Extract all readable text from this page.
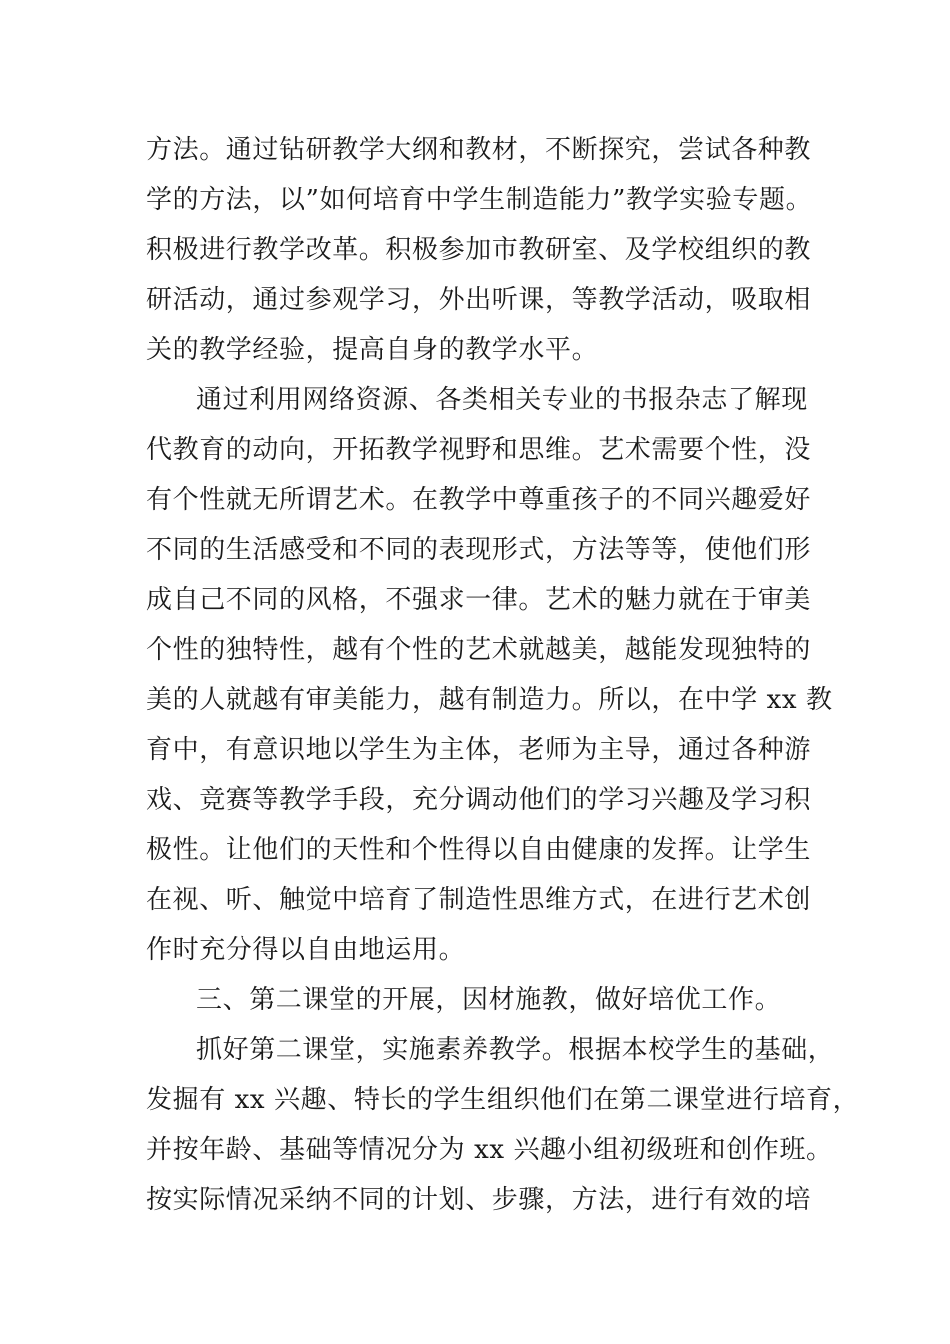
方法。通过钻研教学大纲和教材，不断探究，尝试各种教
学的方法，以”如何培育中学生制造能力”教学实验专题。
积极进行教学改革。积极参加市教研室、及学校组织的教
研活动，通过参观学习，外出听课，等教学活动，吸取相
关的教学经验，提高自身的教学水平。
通过利用网络资源、各类相关专业的书报杂志了解现
代教育的动向，开拓教学视野和思维。艺术需要个性，没
有个性就无所谓艺术。在教学中尊重孩子的不同兴趣爱好
不同的生活感受和不同的表现形式，方法等等，使他们形
成自己不同的风格，不强求一律。艺术的魅力就在于审美
个性的独特性，越有个性的艺术就越美，越能发现独特的
美的人就越有审美能力，越有制造力。所以，在中学 xx 教
育中，有意识地以学生为主体，老师为主导，通过各种游
戏、竞赛等教学手段，充分调动他们的学习兴趣及学习积
极性。让他们的天性和个性得以自由健康的发挥。让学生
在视、听、触觉中培育了制造性思维方式，在进行艺术创
作时充分得以自由地运用。
三、第二课堂的开展，因材施教，做好培优工作。
抓好第二课堂，实施素养教学。根据本校学生的基础，
发掘有 xx 兴趣、特长的学生组织他们在第二课堂进行培育，
并按年龄、基础等情况分为 xx 兴趣小组初级班和创作班。
按实际情况采纳不同的计划、步骤，方法，进行有效的培
